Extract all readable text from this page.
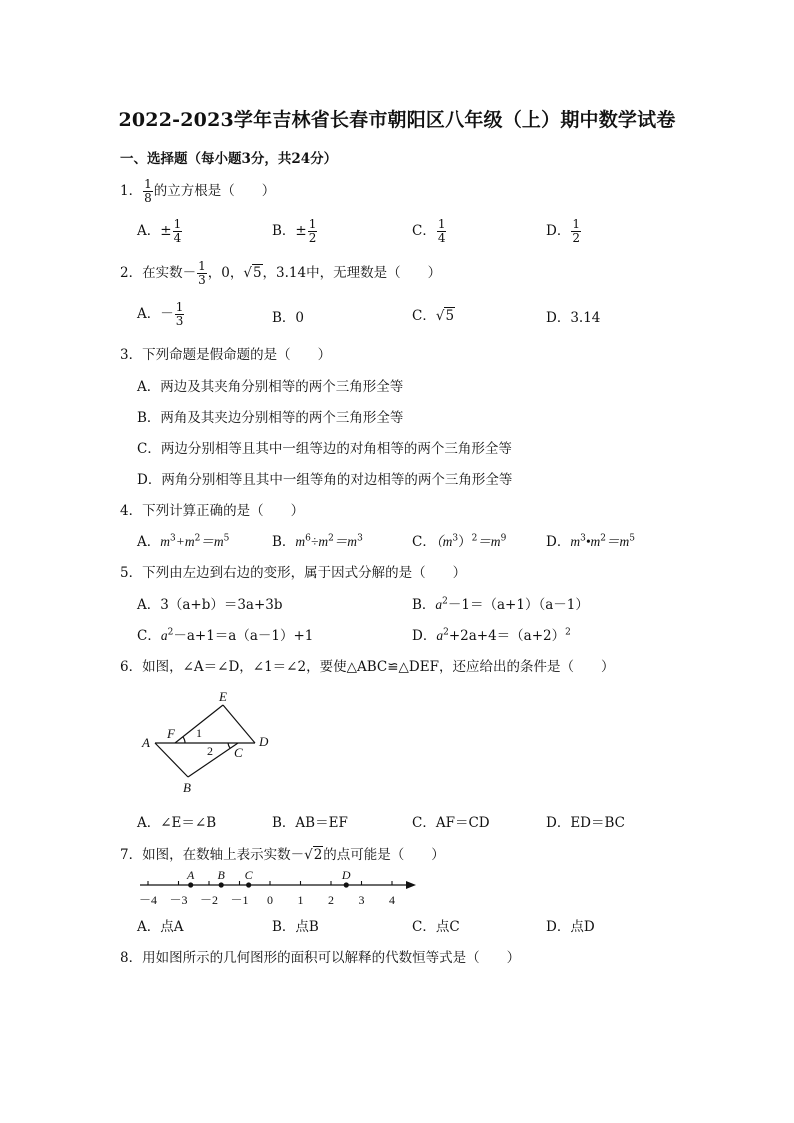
2022-2023学年吉林省长春市朝阳区八年级（上）期中数学试卷
一、选择题（每小题3分，共24分）
1． $\frac{1}{8}$ 的立方根是（　　）
A．± $\frac{1}{4}$	B．± $\frac{1}{2}$	C． $\frac{1}{4}$	D． $\frac{1}{2}$
2．在实数－ $\frac{1}{3}$ ，0，√5，3.14中，无理数是（　　）
A．－ $\frac{1}{3}$	B．0	C．√5	D．3.14
3．下列命题是假命题的是（　　）
A．两边及其夹角分别相等的两个三角形全等
B．两角及其夹边分别相等的两个三角形全等
C．两边分别相等且其中一组等边的对角相等的两个三角形全等
D．两角分别相等且其中一组等角的对边相等的两个三角形全等
4．下列计算正确的是（　　）
A．$m^3+m^2=m^5$	B．$m^6\div m^2=m^3$	C．$(m^3)^2=m^9$	D．$m^3•m^2=m^5$
5．下列由左边到右边的变形，属于因式分解的是（　　）
A．3（a+b）＝3a+3b	B．$a^2-1=(a+1)(a-1)$
C．$a^2-a+1=a(a-1)+1$	D．$a^2+2a+4=(a+2)^2$
6．如图，∠A＝∠D，∠1＝∠2，要使△ABC≌△DEF，还应给出的条件是（　　）
E
A
F
C
D
B
1
2
A．∠E＝∠B	B．AB＝EF	C．AF＝CD	D．ED＝BC
7．如图，在数轴上表示实数－√2的点可能是（　　）
－4 －3 －2 －1 0 1 2 3 4
A B C	D
A．点A	B．点B	C．点C	D．点D
8．用如图所示的几何图形的面积可以解释的代数恒等式是（　　）
